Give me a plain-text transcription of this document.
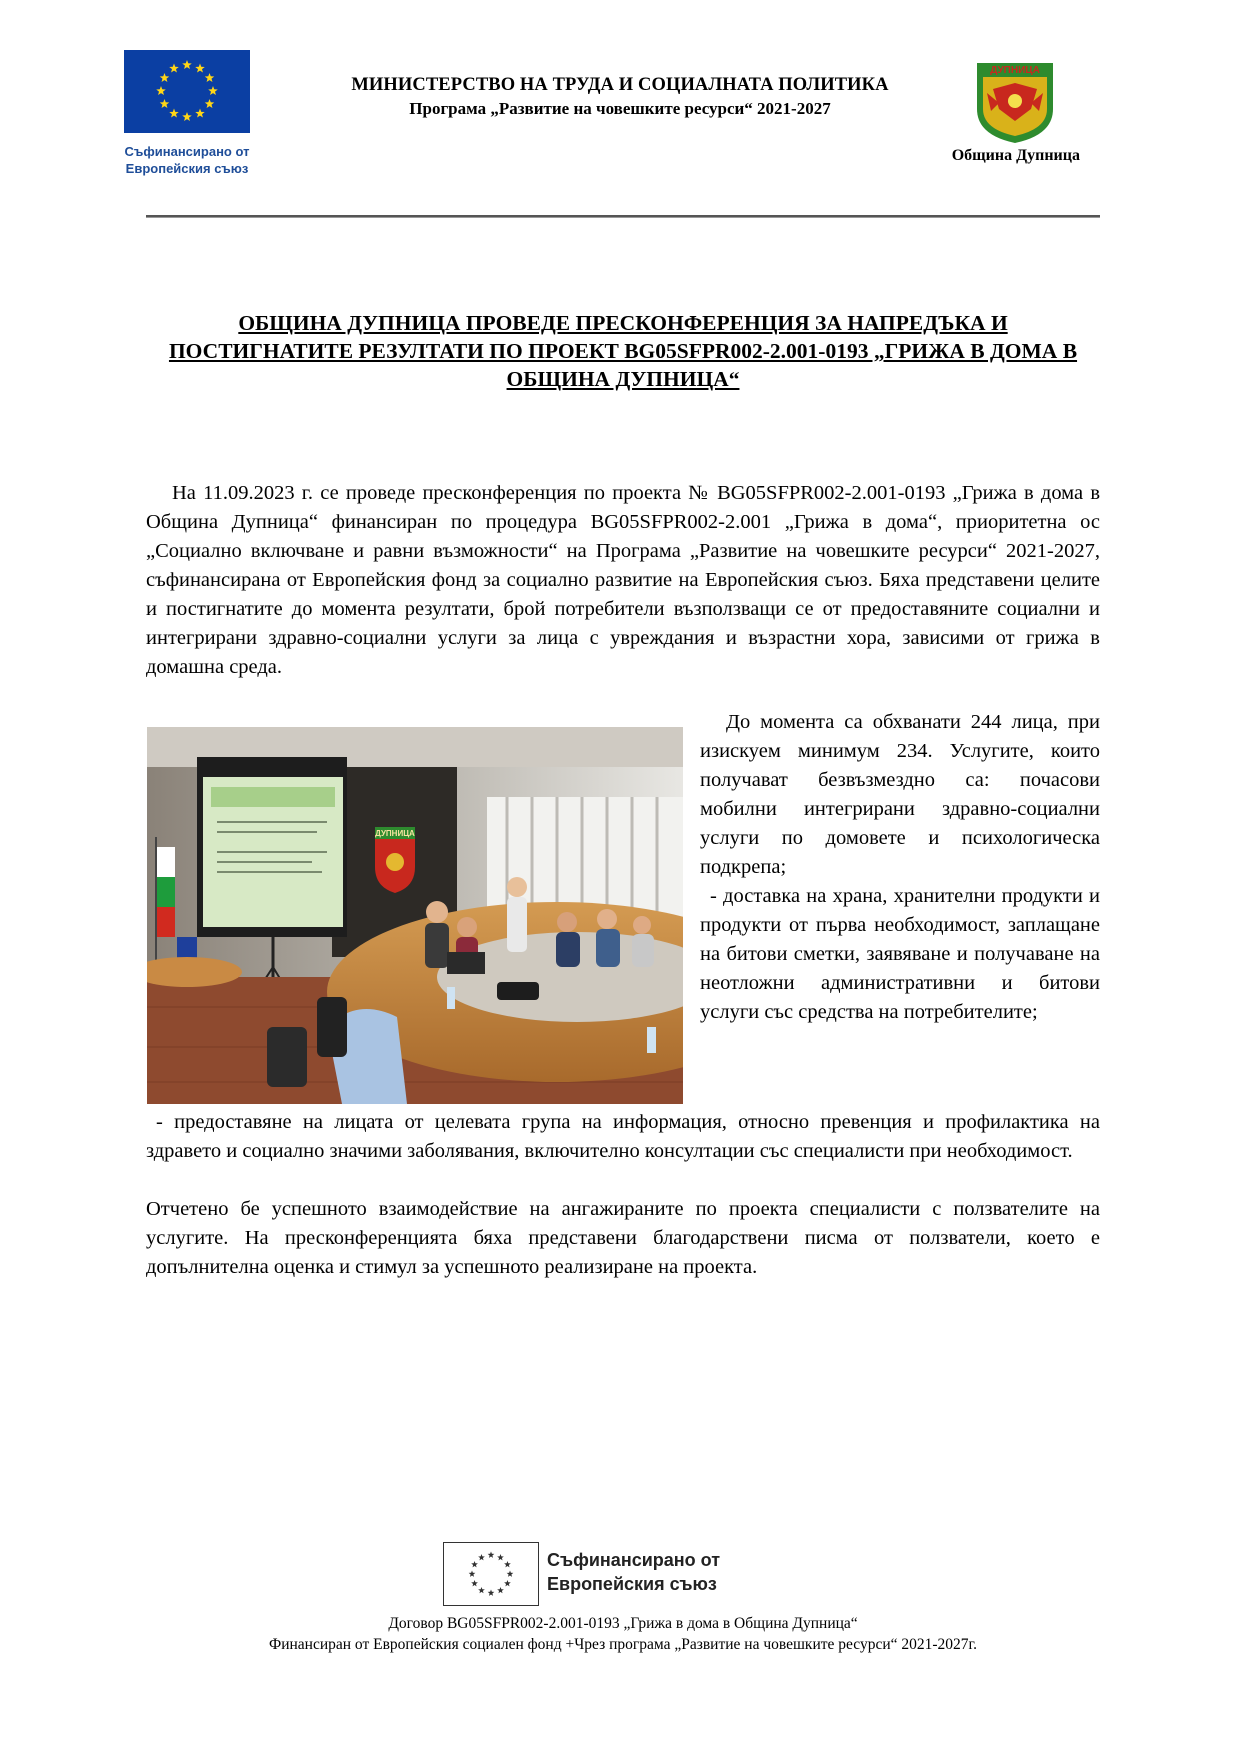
Съфинансирано от
Европейския съюз
МИНИСТЕРСТВО НА ТРУДА И СОЦИАЛНАТА ПОЛИТИКА
Програма „Развитие на човешките ресурси“ 2021-2027
ДУПНИЦА
Община Дупница
ОБЩИНА ДУПНИЦА ПРОВЕДЕ ПРЕСКОНФЕРЕНЦИЯ ЗА НАПРЕДЪКА И ПОСТИГНАТИТЕ РЕЗУЛТАТИ ПО ПРОЕКТ BG05SFPR002-2.001-0193 „ГРИЖА В ДОМА В ОБЩИНА ДУПНИЦА“
На 11.09.2023 г. се проведе пресконференция по проекта № BG05SFPR002-2.001-0193 „Грижа в дома в Община Дупница“ финансиран по процедура BG05SFPR002-2.001 „Грижа в дома“, приоритетна ос „Социално включване и равни възможности“ на Програма „Развитие на човешките ресурси“ 2021-2027, съфинансирана от Европейския фонд за социално развитие на Европейския съюз. Бяха представени целите и постигнатите до момента резултати, брой потребители възползващи се от предоставяните социални и интегрирани здравно-социални услуги за лица с увреждания и възрастни хора, зависими от грижа в домашна среда.
ДУПНИЦА

До момента са обхванати 244 лица, при изискуем минимум 234. Услугите, които получават безвъзмездно са: почасови мобилни интегрирани здравно-социални услуги по домовете и психологическа подкрепа;

- доставка на храна, хранителни продукти и продукти от първа необходимост, заплащане на битови сметки, заявяване и получаване на неотложни административни и битови услуги със средства на потребителите;

- предоставяне на лицата от целевата група на информация, относно превенция и профилактика на здравето и социално значими заболявания, включително консултации със специалисти при необходимост.
Отчетено бе успешното взаимодействие на ангажираните по проекта специалисти с ползвателите на услугите. На пресконференцията бяха представени благодарствени писма от ползватели, което е допълнителна оценка и стимул за успешното реализиране на проекта.
Съфинансирано от
Европейския съюз
Договор BG05SFPR002-2.001-0193 „Грижа в дома в Община Дупница“
Финансиран от Европейския социален фонд +Чрез програма „Развитие на човешките ресурси“ 2021-2027г.
